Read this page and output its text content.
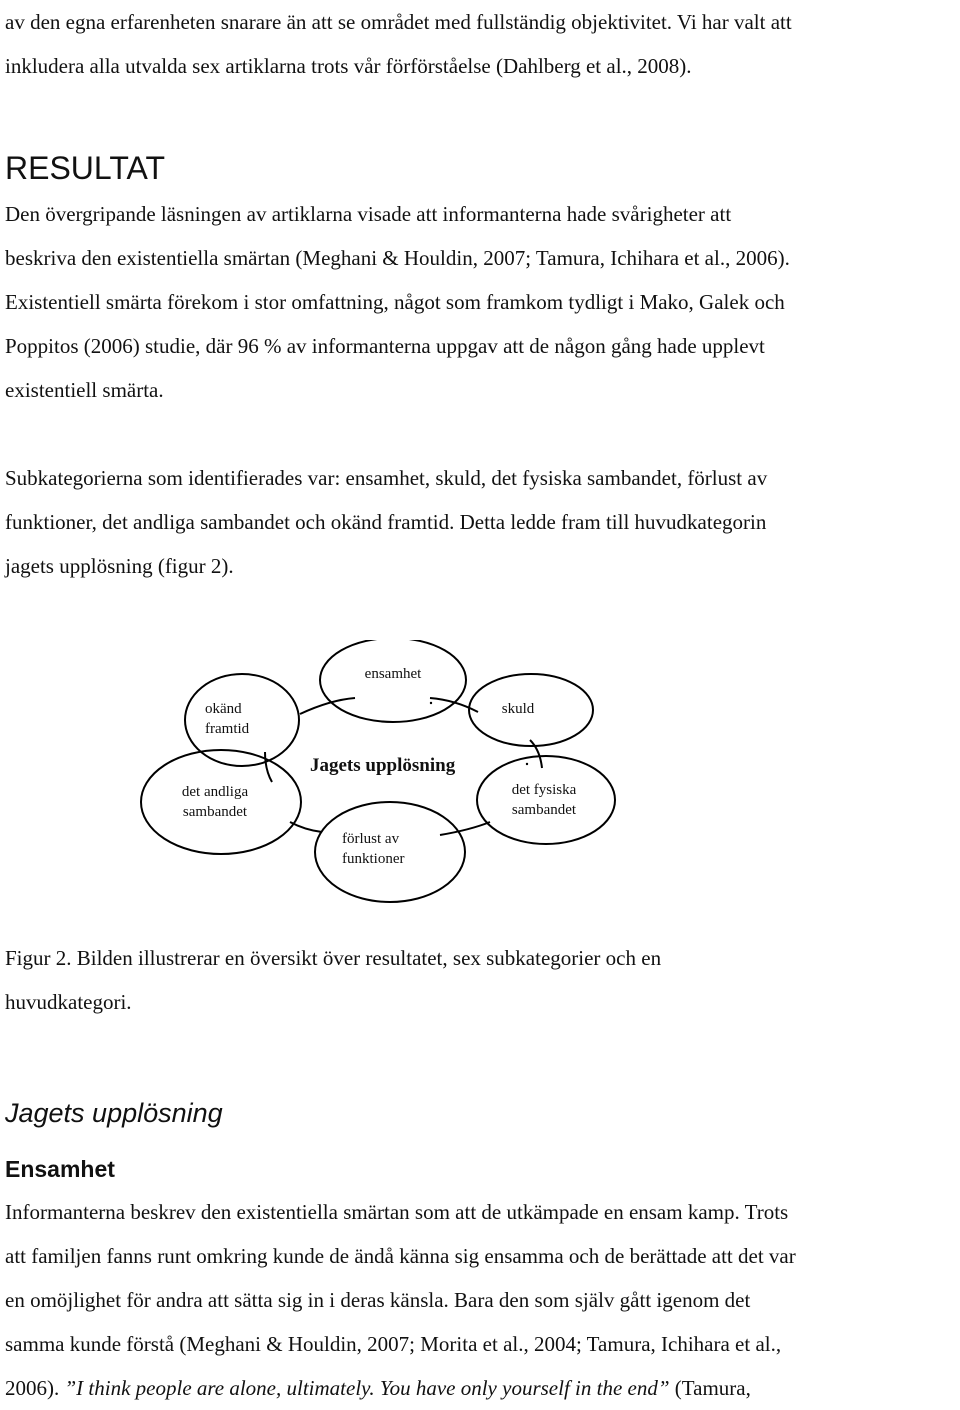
av den egna erfarenheten snarare än att se området med fullständig objektivitet. Vi har valt att
inkludera alla utvalda sex artiklarna trots vår förförståelse (Dahlberg et al., 2008).
RESULTAT
Den övergripande läsningen av artiklarna visade att informanterna hade svårigheter att
beskriva den existentiella smärtan (Meghani & Houldin, 2007; Tamura, Ichihara et al., 2006).
Existentiell smärta förekom i stor omfattning, något som framkom tydligt i Mako, Galek och
Poppitos (2006) studie, där 96 % av informanterna uppgav att de någon gång hade upplevt
existentiell smärta.
Subkategorierna som identifierades var: ensamhet, skuld, det fysiska sambandet, förlust av
funktioner, det andliga sambandet och okänd framtid. Detta ledde fram till huvudkategorin
jagets upplösning (figur 2).
ensamhet
skuld
det fysiska
sambandet
förlust av
funktioner
det andliga
sambandet
okänd
framtid
Jagets upplösning
Figur 2. Bilden illustrerar en översikt över resultatet, sex subkategorier och en
huvudkategori.
Jagets upplösning
Ensamhet
Informanterna beskrev den existentiella smärtan som att de utkämpade en ensam kamp. Trots
att familjen fanns runt omkring kunde de ändå känna sig ensamma och de berättade att det var
en omöjlighet för andra att sätta sig in i deras känsla. Bara den som själv gått igenom det
samma kunde förstå (Meghani & Houldin, 2007; Morita et al., 2004; Tamura, Ichihara et al.,
2006). ”I think people are alone, ultimately. You have only yourself in the end” (Tamura,
